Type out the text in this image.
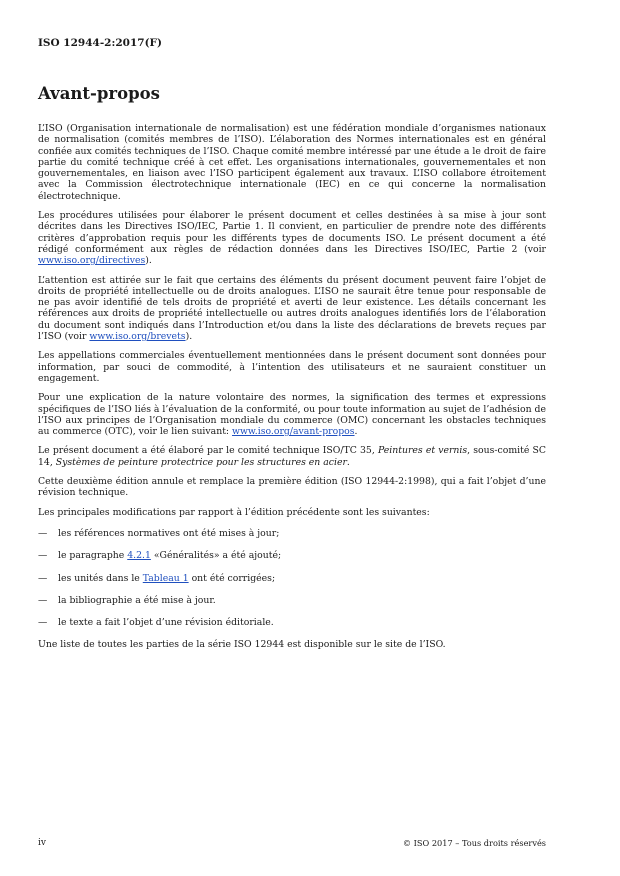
ISO 12944-2:2017(F)
Avant-propos

L’ISO (Organisation internationale de normalisation) est une fédération mondiale d’organismes nationaux de normalisation (comités membres de l’ISO). L’élaboration des Normes internationales est en général confiée aux comités techniques de l’ISO. Chaque comité membre intéressé par une étude a le droit de faire partie du comité technique créé à cet effet. Les organisations internationales, gouvernementales et non gouvernementales, en liaison avec l’ISO participent également aux travaux. L’ISO collabore étroitement avec la Commission électrotechnique internationale (IEC) en ce qui concerne la normalisation électrotechnique.

Les procédures utilisées pour élaborer le présent document et celles destinées à sa mise à jour sont décrites dans les Directives ISO/IEC, Partie 1. Il convient, en particulier de prendre note des différents critères d’approbation requis pour les différents types de documents ISO. Le présent document a été rédigé conformément aux règles de rédaction données dans les Directives ISO/IEC, Partie 2 (voir www.iso.org/directives).

L’attention est attirée sur le fait que certains des éléments du présent document peuvent faire l’objet de droits de propriété intellectuelle ou de droits analogues. L’ISO ne saurait être tenue pour responsable de ne pas avoir identifié de tels droits de propriété et averti de leur existence. Les détails concernant les références aux droits de propriété intellectuelle ou autres droits analogues identifiés lors de l’élaboration du document sont indiqués dans l’Introduction et/ou dans la liste des déclarations de brevets reçues par l’ISO (voir www.iso.org/brevets).

Les appellations commerciales éventuellement mentionnées dans le présent document sont données pour information, par souci de commodité, à l’intention des utilisateurs et ne sauraient constituer un engagement.

Pour une explication de la nature volontaire des normes, la signification des termes et expressions spécifiques de l’ISO liés à l’évaluation de la conformité, ou pour toute information au sujet de l’adhésion de l’ISO aux principes de l’Organisation mondiale du commerce (OMC) concernant les obstacles techniques au commerce (OTC), voir le lien suivant: www.iso.org/avant-propos.

Le présent document a été élaboré par le comité technique ISO/TC 35, Peintures et vernis, sous-comité SC 14, Systèmes de peinture protectrice pour les structures en acier.

Cette deuxième édition annule et remplace la première édition (ISO 12944-2:1998), qui a fait l’objet d’une révision technique.

Les principales modifications par rapport à l’édition précédente sont les suivantes:

—	les références normatives ont été mises à jour;
—	le paragraphe 4.2.1 «Généralités» a été ajouté;
—	les unités dans le Tableau 1 ont été corrigées;
—	la bibliographie a été mise à jour.
—	le texte a fait l’objet d’une révision éditoriale.

Une liste de toutes les parties de la série ISO 12944 est disponible sur le site de l’ISO.

iv	© ISO 2017 – Tous droits réservés
